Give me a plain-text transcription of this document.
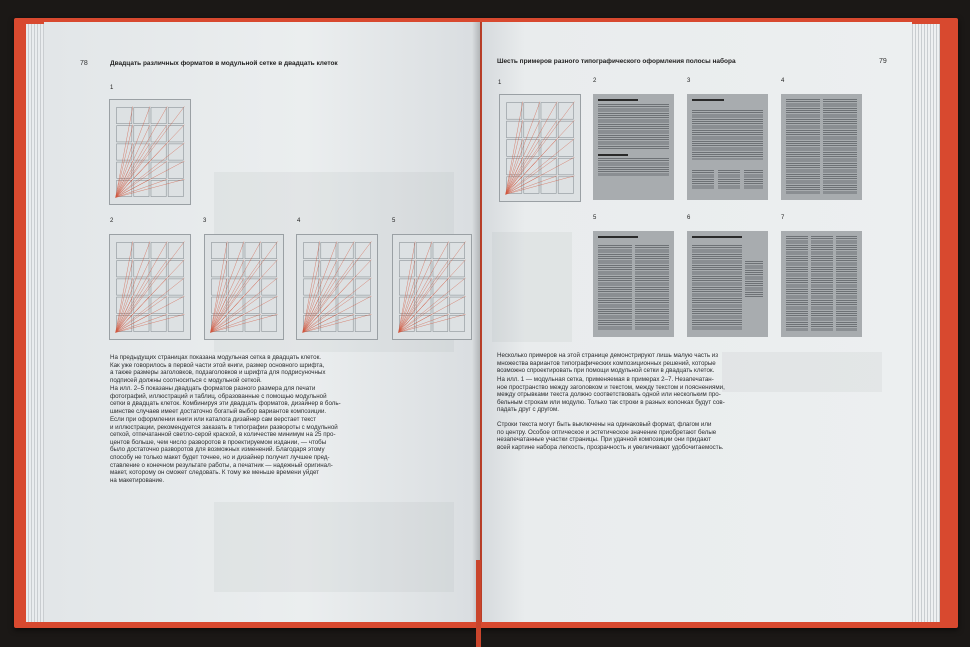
78	Двадцать различных форматов в модульной сетке в двадцать клеток
1
2	3	4	5
На предыдущих страницах показана модульная сетка в двадцать клеток.
Как уже говорилось в первой части этой книги, размер основного шрифта,
а также размеры заголовков, подзаголовков и шрифта для подрисуночных
подписей должны соотноситься с модульной сеткой.
На илл. 2–5 показаны двадцать форматов разного размера для печати
фотографий, иллюстраций и таблиц, образованные с помощью модульной
сетки в двадцать клеток. Комбинируя эти двадцать форматов, дизайнер в боль-
шинстве случаев имеет достаточно богатый выбор вариантов композиции.
Если при оформлении книги или каталога дизайнер сам верстает текст
и иллюстрации, рекомендуется заказать в типографии развороты с модульной
сеткой, отпечатанной светло-серой краской, в количестве минимум на 25 про-
центов больше, чем число разворотов в проектируемом издании, — чтобы
было достаточно разворотов для возможных изменений. Благодаря этому
способу не только макет будет точнее, но и дизайнер получит лучшее пред-
ставление о конечном результате работы, а печатник — надежный оригинал-
макет, которому он сможет следовать. К тому же меньше времени уйдет
на макетирование.
Шесть примеров разного типографического оформления полосы набора	79
1	2	3	4
5	6	7
Несколько примеров на этой странице демонстрируют лишь малую часть из
множества вариантов типографических композиционных решений, которые
возможно спроектировать при помощи модульной сетки в двадцать клеток.
На илл. 1 — модульная сетка, применяемая в примерах 2–7. Незапечатан-
ное пространство между заголовком и текстом, между текстом и пояснениями,
между отрывками текста должно соответствовать одной или нескольким про-
бельным строкам или модулю. Только так строки в разных колонках будут сов-
падать друг с другом.
Строки текста могут быть выключены на одинаковый формат, флагом или
по центру. Особое оптическое и эстетическое значение приобретают белые
незапечатанные участки страницы. При удачной композиции они придают
всей картине набора легкость, прозрачность и увеличивают удобочитаемость.
